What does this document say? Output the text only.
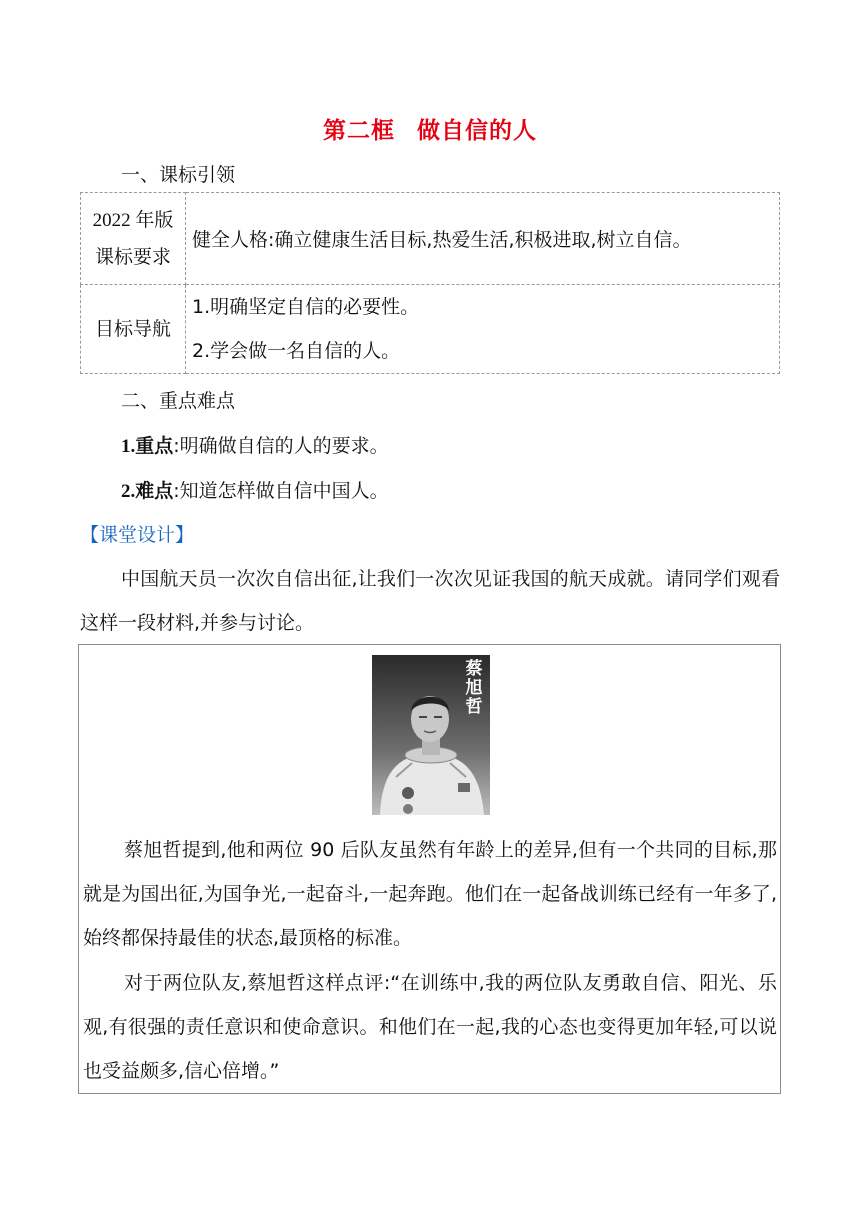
第二框 做自信的人
一、课标引领
2022 年版
课标要求	健全人格:确立健康生活目标,热爱生活,积极进取,树立自信。
目标导航	1.明确坚定自信的必要性。
2.学会做一名自信的人。
二、重点难点
1.重点:明确做自信的人的要求。
2.难点:知道怎样做自信中国人。
【课堂设计】
中国航天员一次次自信出征,让我们一次次见证我国的航天成就。请同学们观看这样一段材料,并参与讨论。
蔡旭哲
蔡旭哲提到,他和两位 90 后队友虽然有年龄上的差异,但有一个共同的目标,那就是为国出征,为国争光,一起奋斗,一起奔跑。他们在一起备战训练已经有一年多了,始终都保持最佳的状态,最顶格的标准。
对于两位队友,蔡旭哲这样点评:“在训练中,我的两位队友勇敢自信、阳光、乐观,有很强的责任意识和使命意识。和他们在一起,我的心态也变得更加年轻,可以说也受益颇多,信心倍增。”
